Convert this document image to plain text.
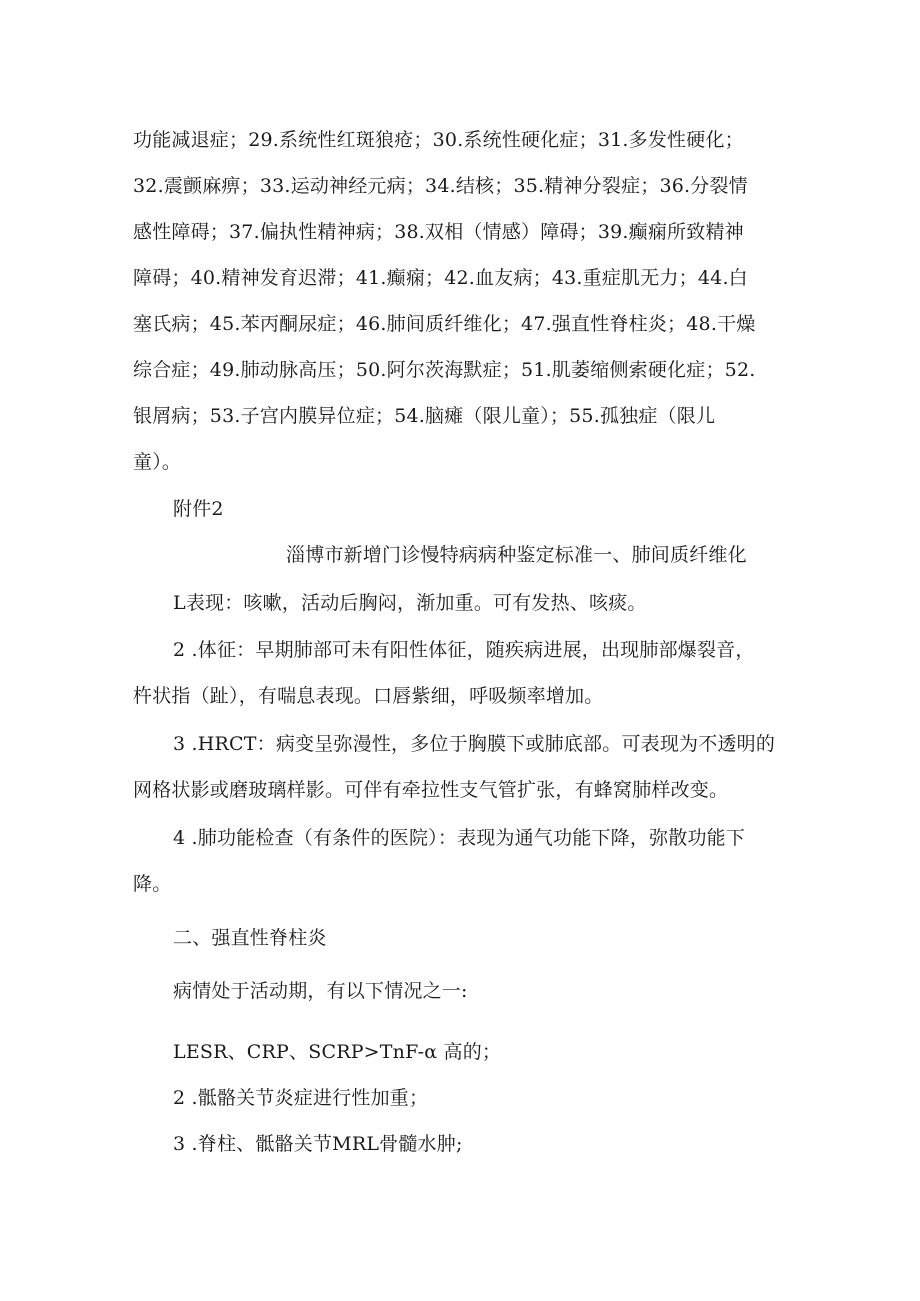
功能减退症；29.系统性红斑狼疮；30.系统性硬化症；31.多发性硬化；
32.震颤麻痹；33.运动神经元病；34.结核；35.精神分裂症；36.分裂情
感性障碍；37.偏执性精神病；38.双相（情感）障碍；39.癫痫所致精神
障碍；40.精神发育迟滞；41.癫痫；42.血友病；43.重症肌无力；44.白
塞氏病；45.苯丙酮尿症；46.肺间质纤维化；47.强直性脊柱炎；48.干燥
综合症；49.肺动脉高压；50.阿尔茨海默症；51.肌萎缩侧索硬化症；52.
银屑病；53.子宫内膜异位症；54.脑瘫（限儿童）；55.孤独症（限儿
童）。
附件2
淄博市新增门诊慢特病病种鉴定标准一、肺间质纤维化
L表现：咳嗽，活动后胸闷，渐加重。可有发热、咳痰。
2 .体征：早期肺部可未有阳性体征，随疾病进展，出现肺部爆裂音，
杵状指（趾），有喘息表现。口唇紫细，呼吸频率增加。
3 .HRCT：病变呈弥漫性，多位于胸膜下或肺底部。可表现为不透明的
网格状影或磨玻璃样影。可伴有牵拉性支气管扩张，有蜂窝肺样改变。
4 .肺功能检查（有条件的医院）：表现为通气功能下降，弥散功能下
降。
二、强直性脊柱炎
病情处于活动期，有以下情况之一:
LESR、CRP、SCRP>TnF-α 高的；
2 .骶骼关节炎症进行性加重；
3 .脊柱、骶骼关节MRL骨髓水肿;
